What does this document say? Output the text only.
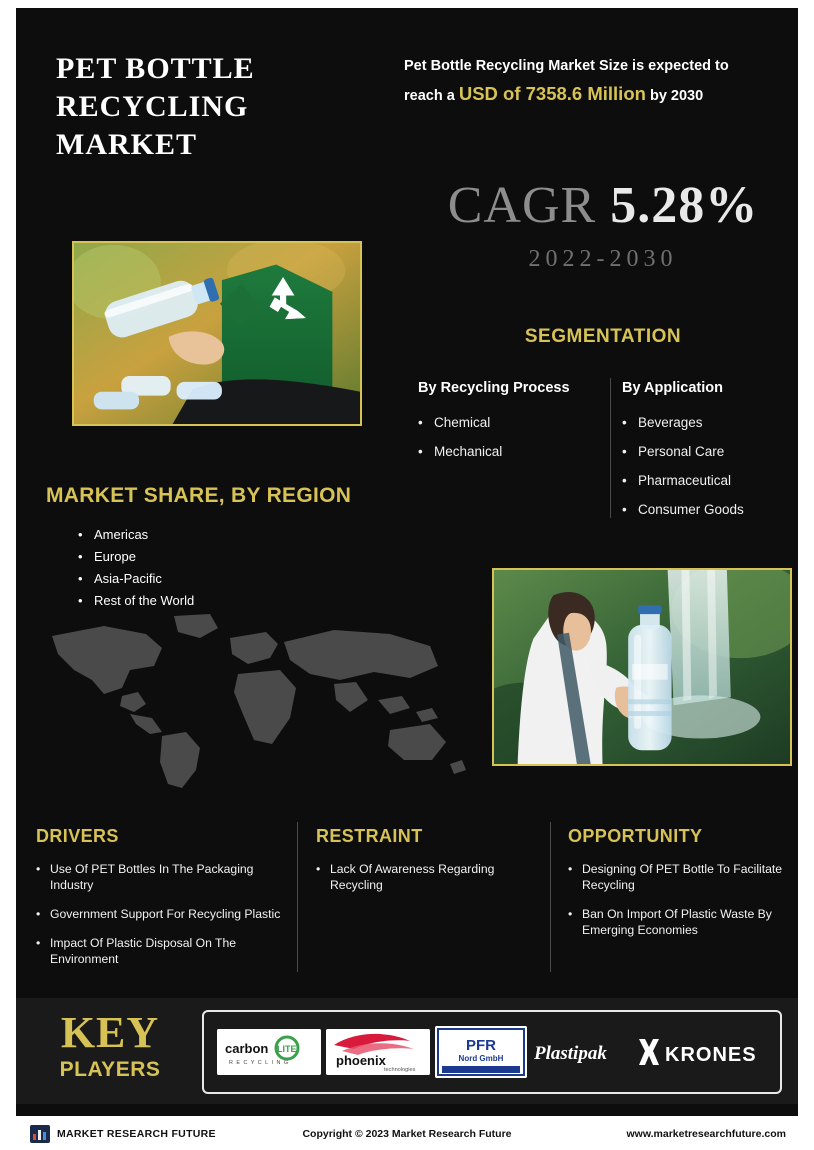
PET BOTTLE RECYCLING MARKET
Pet Bottle Recycling Market Size is expected to
reach a USD of 7358.6 Million by 2030
CAGR 5.28%
2022-2030
SEGMENTATION
By Recycling Process
• Chemical
• Mechanical
By Application
• Beverages
• Personal Care
• Pharmaceutical
• Consumer Goods
MARKET SHARE, BY REGION
• Americas
• Europe
• Asia-Pacific
• Rest of the World
DRIVERS
• Use Of PET Bottles In The Packaging Industry
• Government Support For Recycling Plastic
• Impact Of Plastic Disposal On The Environment
RESTRAINT
• Lack Of Awareness Regarding Recycling
OPPORTUNITY
• Designing Of PET Bottle To Facilitate Recycling
• Ban On Import Of Plastic Waste By Emerging Economies
KEY
PLAYERS
carbon LITE
R E C Y C L I N G	phoenix
technologies
PFR
Nord GmbH Plastipak	KRONES
MARKET RESEARCH FUTURE	Copyright © 2023 Market Research Future	www.marketresearchfuture.com
